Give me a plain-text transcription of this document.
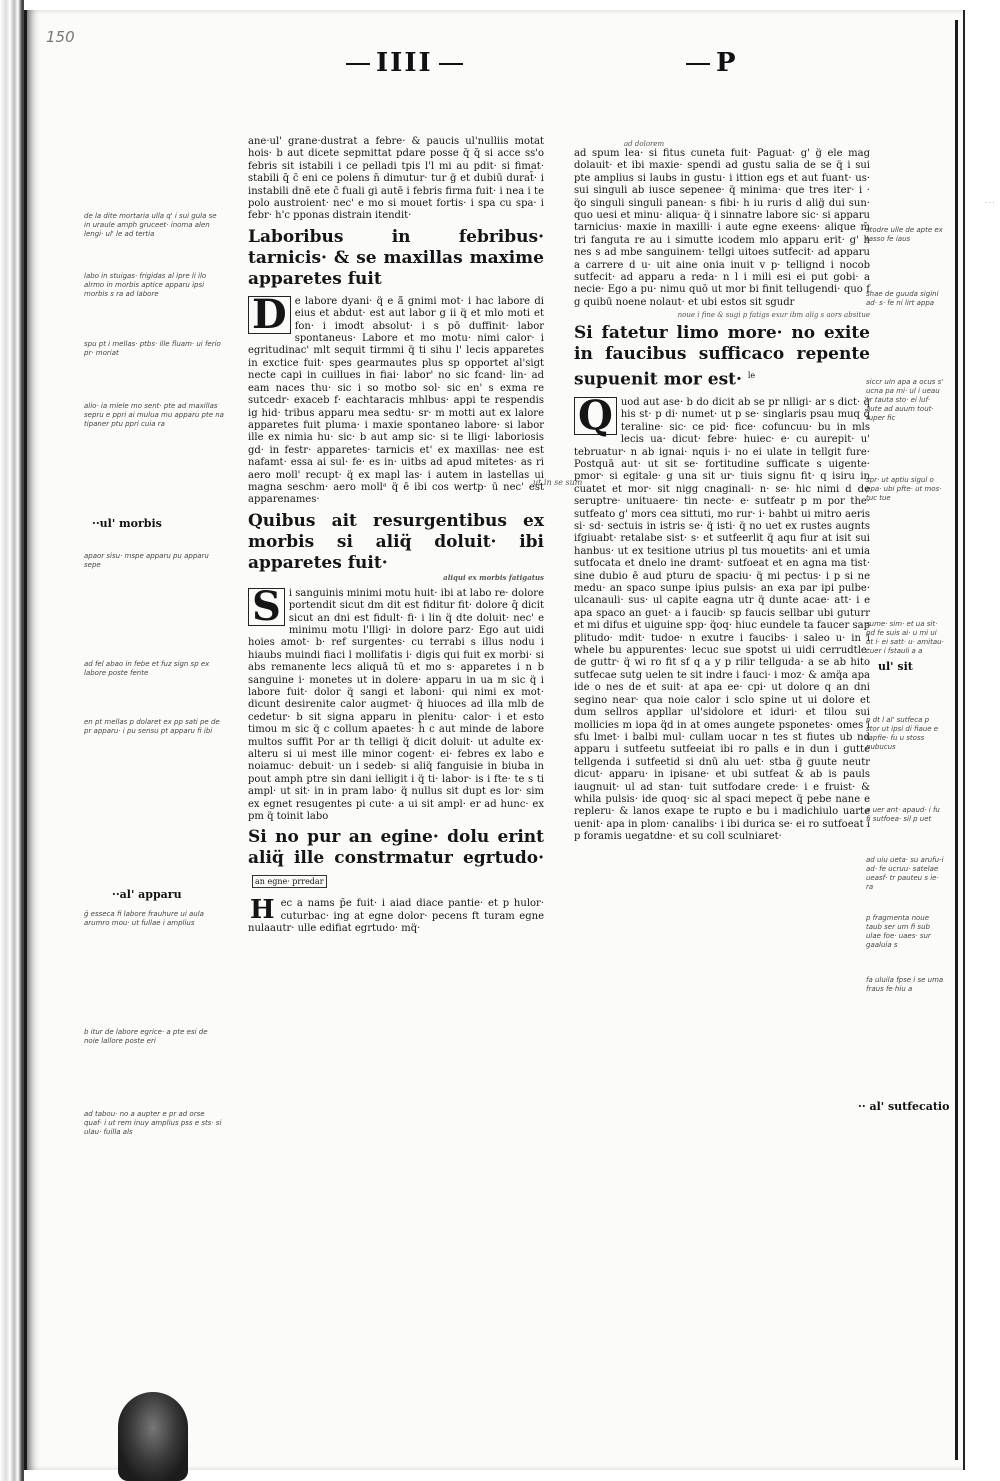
· · ·
150
IIII	P

ane·ul' grane·dustrat a febre· & paucis ul'nulliis motat hois· b aut dicete sepmittat pdare posse q̄ q̄ si acce ss'o febris sit istabili i ce pelladi tpis l'l mi au pdit· si fimat· stabili q̄ c̄ eni ce polens n̄ dimutur· tur g̈ et dubiū durat̄· i instabili dnē ete c̄ fuali gi autē i febris firma fuit· i nea i te polo austroient· nec' e mo si mouet fortis· i spa cu spa· i febr· h'c pponas distrain itendit·

Laboribus in febribus· tarnicis· & se maxillas maxime apparetes fuit

D e labore dyani· q̈ e ā̄ gnimi mot· i hac labore di eius et abdut· est aut labor g ii̇ q̈ et mlo moti et fon· i imodt absolut· i s pō duffinit· labor spontaneus· Labore et mo motu· nimi calor· i egritudinac' mlt sequit tirmmi q̈ ti sihu l' lecis apparetes in exctice fuit· spes gearmautes plus sp opportet al'sigt necte capi in cuillues in fiai· labor' no sic fcand· lin· ad eam naces thu· sic i so motbo sol· sic en' s exma re sutcedr· exaceb f· eachtaracis mhlbus· appi te respendis ig hid· tribus apparu mea sedtu· sr· m motti aut ex lalore apparetes fuit pluma· i maxie spontaneo labore· si labor ille ex nimia hu· sic· b aut amp sic· si te lligi· laboriosis gd· in festr· apparetes· tarnicis et' ex maxillas· nee est nafamt· essa ai sul· fe· es in· uitbs ad apud mitetes· as ri aero moll' recupt· q̈ ex mapl las· i autem in lastellas ui magna seschm· aero mollᵃ q̈ ē ibi cos wertp· ū nec' est apparenames·

Quibus ait resurgentibus ex morbis si aliq̈ doluit· ibi apparetes fuit·
aliqui ex morbis fatigatus

S i sanguinis minimi motu huit· ibi at labo re· dolore portendit sicut dm dit est fiditur fit· dolore q̄ dicit sicut an dni est fidult· fi· i lin q̈ dte doluit· nec' e minimu motu l'lligi· in dolore parz· Ego aut uidi hoies amot· b· ref surgentes· cu terrabi s illus nodu i hiaubs muindi fiaci l mollifatis i· digis qui fuit ex morbi· si abs remanente lecs aliquā tū et mo s· apparetes i n b sanguine i· monetes ut in dolere· apparu in ua m sic q̈ i labore fuit· dolor q̈ sangi et laboni· qui nimi ex mot· dicunt desirenite calor augmet· q̈ hiuoces ad illa mlb de cedetur· b sit signa apparu in plenitu· calor· i et esto timou m sic q̈ c collum apaetes· h̄ c aut minde de labore multos suffit Por ar th telligi q̈ dicit doluit· ut adulte ex· alteru si ui mest ille minor cogent· ei· febres ex labo e noiamuc· debuit· un i sedeb· si aliq̈ fanguisie in biuba in pout amph ptre sin dani ielligit i q̈ ti· labor· is i fte· te s ti ampl· ut sit· in in pram labo· q̈ nullus sit dupt es lor· sim ex egnet resugentes pi cute· a ui sit ampl· er ad hunc· ex pm q̈ toinit labo

Si no pur an egine· dolu erint aliq̈ ille constrmatur egrtudo· an egne· prredar

H ec a nams p̄e fuit· i aiad diace pantie· et p hulor· cuturbac· ing at egne dolor· pecens ft turam egne nulaautr· ulle edifiat egrtudo· mq̈·

ad dolorem

ad spum lea· si fitus cuneta fuit· Paguat· g' g̈ ele mag dolauit· et ibi maxie· spendi ad gustu salia de se q̈ i sui pte amplius si laubs in gustu· i ittion egs et aut fuant· us· sui singuli ab iusce sepenee· q̈ minima· que tres iter· i · q̈o singuli singuli panean· s fibi· h iu ruris d alig̈ dui sun· quo uesi et minu· aliqua· q̈ i sinnatre labore sic· si apparu tarnicius· maxie in maxilli· i aute egne exeens· alique m̄ tri fanguta re au i simutte icodem mlo apparu erit· g' h nes s ad mbe sanguinem· tellgi uitoes sutfecit· ad apparu a carrere d u· uit aine onia inuit v p· tellignd i nocob sutfecit· ad apparu a reda· n l i mili esi ei put gobi· a necie· Ego a pu· nimu quō ut mor bi finit tellugendi· quo f g quibū noene nolaut· et ubi estos sit sgudr

noue i fine & sugi p fatigs exur ibm alig s aors absitue
Si fatetur limo more· no exite in faucibus sufficaco repente supuenit mor est· $^{le}$

Q uod aut ase· b do dicit ab se pr nlligi· ar s dict· q̈ his st· p di· numet· ut p se· singlaris psau muq q̈ teraline· sic· ce pid· fice· cofuncuu· bu in mls lecis ua· dicut· febre· huiec· e· cu aurepit· u' tebruatur· n ab ignai· nquis i· no ei ulate in tellgit fure· Postquā aut· ut sit se· fortitudine sufficate s uigente· pmor· si egitale· g una sit ur· tiuis signu fit· q isiru in cuatet et mor· sit nigg cnaginali· n· se· hic nimi d de seruptre· unituaere· tin necte· e· sutfeatr p m por the· sutfeato g' mors cea sittuti, mo rur· i· bahbt ui mitro aeris si· sd· sectuis in istris se· q̈ isti· q̈ no uet ex rustes augnts ifgiuabt· retalabe sist· s· et sutfeerlit q̈ aqu fiur at isit sui hanbus· ut ex tesitione utrius pl tus mouetits· ani et umia sutfocata et dnelo ine dramt· sutfoeat et en agna ma tist· sine dubio ē aud pturu de spaciu· q̈ mi pectus· i p si ne medu· an spaco sunpe ipius pulsis· an exa par ipi pulbe· ulcanauli· sus· ul capite eagna utr q̈ dunte acae· att· i e apa spaco an guet· a i faucib· sp faucis sellbar ubi guturr et mi difus et uiguine spp· q̈oq· hiuc eundele ta faucer sap plitudo· mdit· tudoe· n exutre i faucibs· i saleo u· in i whele bu appurentes· lecuc sue spotst ui uidi cerrudtle· de guttr· q̈ wi ro fit sf q a y p rilir tellguda· a se ab hito sutfecae sutg uelen te sit indre i fauci· i moz· & amq̈a apa ide o nes de et suit· at apa ee· cpi· ut dolore q an dni segino near· qua noie calor i sclo spine ut ui dolore et dum sellros appllar ul'sidolore et iduri· et tilou sui mollicies m iopa q̈d in at omes aungete psponetes· omes i sfu lmet· i balbi mul· cullam uocar n tes st fiutes ub nd apparu i sutfeetu sutfeeiat ibi ro palls e in dun i gutte tellgenda i sutfeetid si dnū alu uet· stba g̈ guute neutr dicut· apparu· in ipisane· et ubi sutfeat & ab is pauls iaugnuit· ul ad stan· tuit sutfodare crede· i e fruist· & whila pulsis· ide quoq· sic al spaci mepect q̈ pebe nane e repleru· & lanos exape te rupto e bu i madichiulo uarte uenit· apa in plom· canalibs· i ibi durica se· ei ro sutfoeat i p foramis uegatdne· et su coll sculniaret·

ut in se sum
de la dite mortaria ulla q' i sui gula se in uraule amph gruceet· inoma alen lengi· ul' le ad tertia
labo in stuigas· frigidas al ipre li ilo alrmo in morbis aptice apparu ipsi morbis s ra ad labore
spu pt i mellas· ptbs· ille fluam· ui ferio pr· moriat
alio· ia miele mo sent· pte ad maxillas sepru e ppri ai mulua mu apparu pte na tipaner ptu ppri cuia ra
··ul' morbis
apaor sisu· mspe apparu pu apparu sepe
ad fel abao in febe et fuz sign sp ex labore poste fente
en pt mellas p dolaret ex pp sati pe de pr apparu· i pu sensu pt apparu fi ibi
··al' apparu
g̈ esseca fi labore frauhure ui aula arumro mou· ut fullae i amplius
b itur de labore egrice· a pte esi de noie lallore poste eri
ad tabou· no a aupter e pr ad orse quaf· i ut rem inuy amplius pss e sts· si ulau· fuilla als
stodre ulle de apte ex tasso fe iaus
shae de guuda sigini ad· s· fe ni lirt appa
siccr uin apa a ocus s' ucna pa mi· ul i ueau sr tauta sto· ei luf· aute ad auum tout· tuper fic
spr· ut aptiu sigul o ppa· ubi pfte· ut mos· tuc tue
sume· sim· et ua sit· pd fe suis ai· u mi ui ut i· ei satt· u· amitau· cuer i fstauli a a
ul' sit
p dt l al' sutfeca p stor ut ipsi di fiaue e fapfie· fu u stoss pubucus
p uer ant· apaud· i fu fi sutfoea· sil p uet
ad uiu ueta· su arufu-i ad· fe ucruu· satelae ueasf· tr pauteu s ie· ra
p fragmenta noue taub ser um fi sub ulae foe· uaes· sur gaaluia s
fa uluila fpse i se uma fraus fe hiu a
·· al' sutfecatio
